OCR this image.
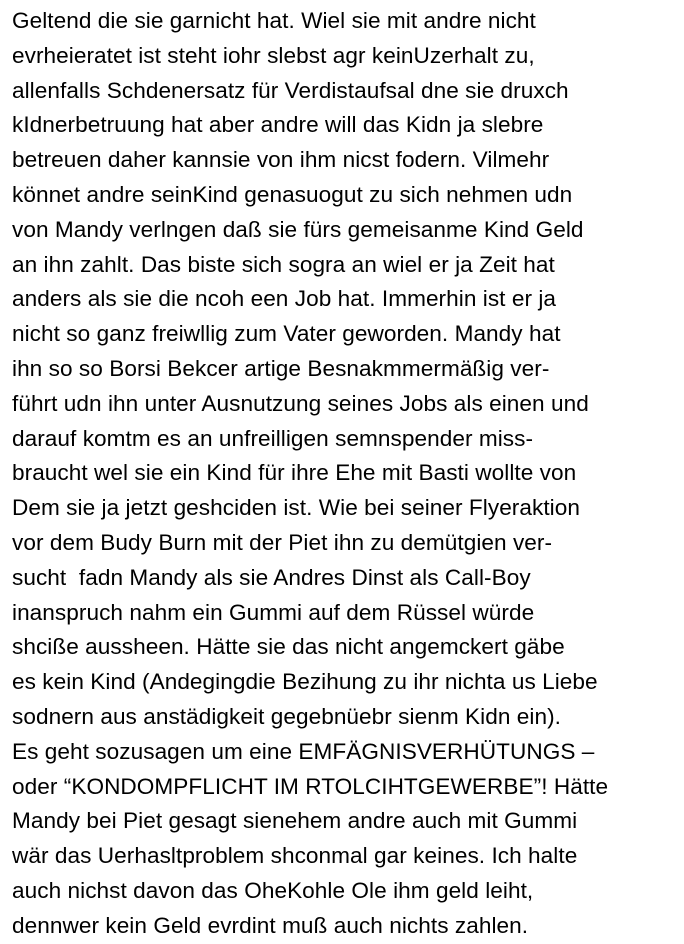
Geltend die sie garnicht hat. Wiel sie mit andre nicht
evrheieratet ist steht iohr slebst agr keinUzerhalt zu,
allenfalls Schdenersatz für Verdistaufsal dne sie druxch
kIdnerbetruung hat aber andre will das Kidn ja slebre
betreuen daher kannsie von ihm nicst fodern. Vilmehr
könnet andre seinKind genasuogut zu sich nehmen udn
von Mandy verlngen daß sie fürs gemeisanme Kind Geld
an ihn zahlt. Das biste sich sogra an wiel er ja Zeit hat
anders als sie die ncoh een Job hat. Immerhin ist er ja
nicht so ganz freiwllig zum Vater geworden. Mandy hat
ihn so so Borsi Bekcer artige Besnakmmermäßig ver-
führt udn ihn unter Ausnutzung seines Jobs als einen und
darauf komtm es an unfreilligen semnspender miss-
braucht wel sie ein Kind für ihre Ehe mit Basti wollte von
Dem sie ja jetzt geshciden ist. Wie bei seiner Flyeraktion
vor dem Budy Burn mit der Piet ihn zu demütgien ver-
sucht  fadn Mandy als sie Andres Dinst als Call-Boy
inanspruch nahm ein Gummi auf dem Rüssel würde
shciße aussheen. Hätte sie das nicht angemckert gäbe
es kein Kind (Andegingdie Bezihung zu ihr nichta us Liebe
sodnern aus anstädigkeit gegebnüebr sienm Kidn ein).
Es geht sozusagen um eine EMFÄGNISVERHÜTUNGS –
oder “KONDOMPFLICHT IM RTOLCIHTGEWERBE”! Hätte
Mandy bei Piet gesagt sienehem andre auch mit Gummi
wär das Uerhasltproblem shconmal gar keines. Ich halte
auch nichst davon das OheKohle Ole ihm geld leiht,
dennwer kein Geld evrdint muß auch nichts zahlen.
